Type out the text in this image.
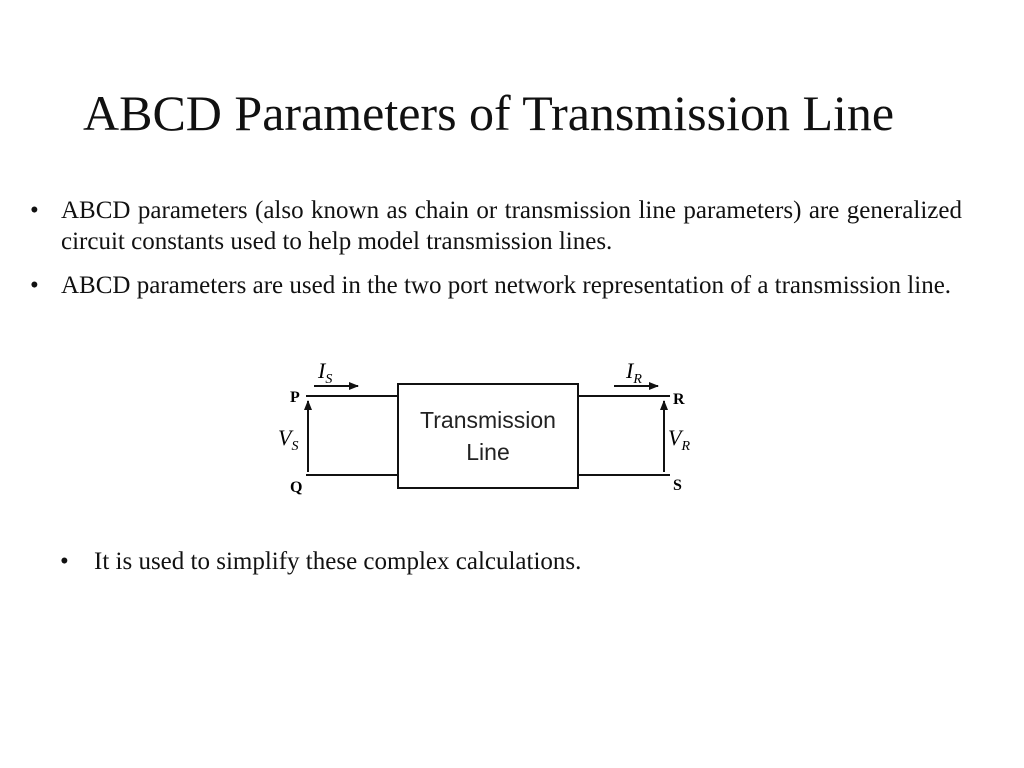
ABCD Parameters of Transmission Line
• ABCD parameters (also known as chain or transmission line parameters) are generalized circuit constants used to help model transmission lines.
• ABCD parameters are used in the two port network representation of a transmission line.
Transmission
Line
$I_S$	$I_R$
$V_S$	$V_R$
P
Q
R
S
• It is used to simplify these complex calculations.
